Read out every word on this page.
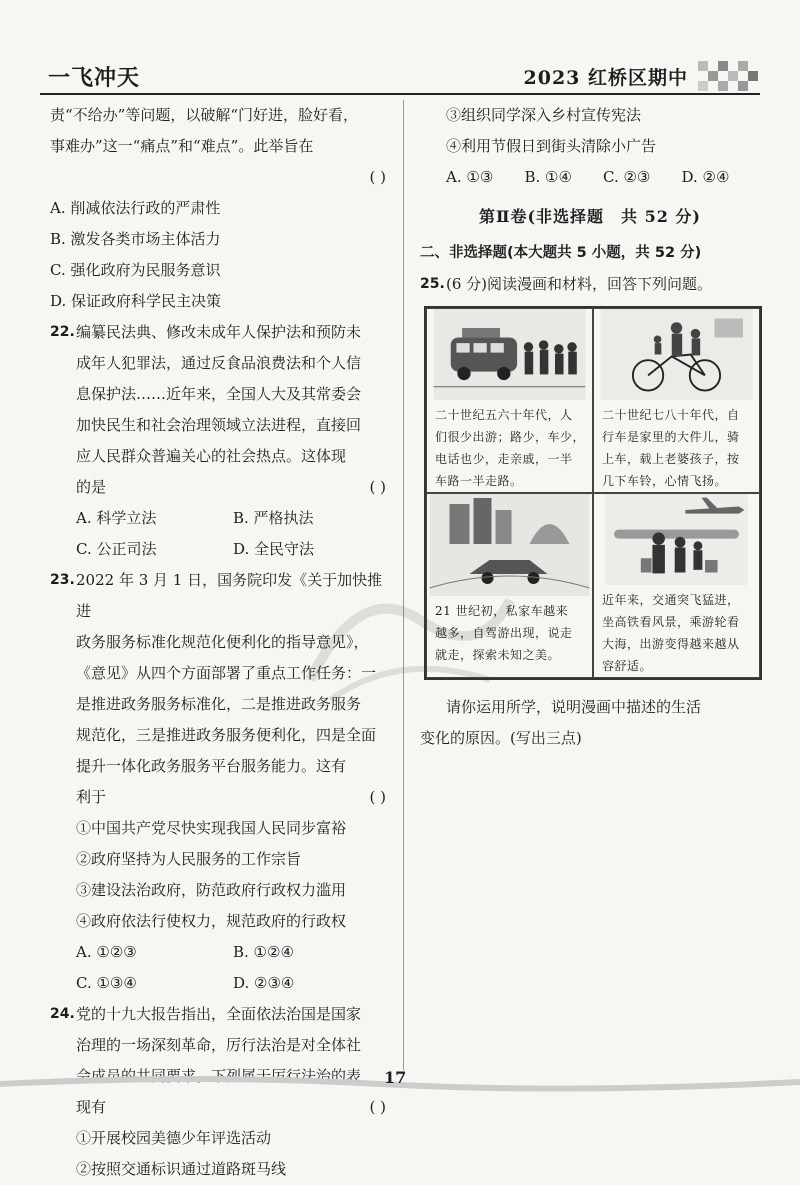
一飞冲天	2023 红桥区期中

责“不给办”等问题，以破解“门好进，脸好看，

事难办”这一“痛点”和“难点”。此举旨在

( )

A. 削减依法行政的严肃性

B. 激发各类市场主体活力

C. 强化政府为民服务意识

D. 保证政府科学民主决策

22. 编纂民法典、修改未成年人保护法和预防未

成年人犯罪法，通过反食品浪费法和个人信

息保护法……近年来，全国人大及其常委会

加快民生和社会治理领域立法进程，直接回

应人民群众普遍关心的社会热点。这体现

的是	( )
A. 科学立法	B. 严格执法
C. 公正司法	D. 全民守法
23. 2022 年 3 月 1 日，国务院印发《关于加快推进

政务服务标准化规范化便利化的指导意见》，

《意见》从四个方面部署了重点工作任务：一

是推进政务服务标准化，二是推进政务服务

规范化，三是推进政务服务便利化，四是全面

提升一体化政务服务平台服务能力。这有

利于	( )

①中国共产党尽快实现我国人民同步富裕

②政府坚持为人民服务的工作宗旨

③建设法治政府，防范政府行政权力滥用

④政府依法行使权力，规范政府的行政权

A. ①②③	B. ①②④
C. ①③④	D. ②③④
24. 党的十九大报告指出，全面依法治国是国家

治理的一场深刻革命，厉行法治是对全体社

会成员的共同要求。下列属于厉行法治的表

现有	( )

①开展校园美德少年评选活动

②按照交通标识通过道路斑马线

③组织同学深入乡村宣传宪法

④利用节假日到街头清除小广告

A. ①③	B. ①④	C. ②③	D. ②④
第Ⅱ卷(非选择题　共 52 分)
二、非选择题(本大题共 5 小题，共 52 分)
25. (6 分)阅读漫画和材料，回答下列问题。

二十世纪五六十年代，人
们很少出游；路少，车少，
电话也少，走亲戚，一半
车路一半走路。
二十世纪七八十年代，自
行车是家里的大件儿，骑
上车，载上老婆孩子，按
几下车铃，心情飞扬。
21 世纪初，私家车越来
越多，自驾游出现，说走
就走，探索未知之美。
近年来，交通突飞猛进，
坐高铁看风景，乘游轮看
大海，出游变得越来越从
容舒适。
请你运用所学，说明漫画中描述的生活
变化的原因。(写出三点)
17
